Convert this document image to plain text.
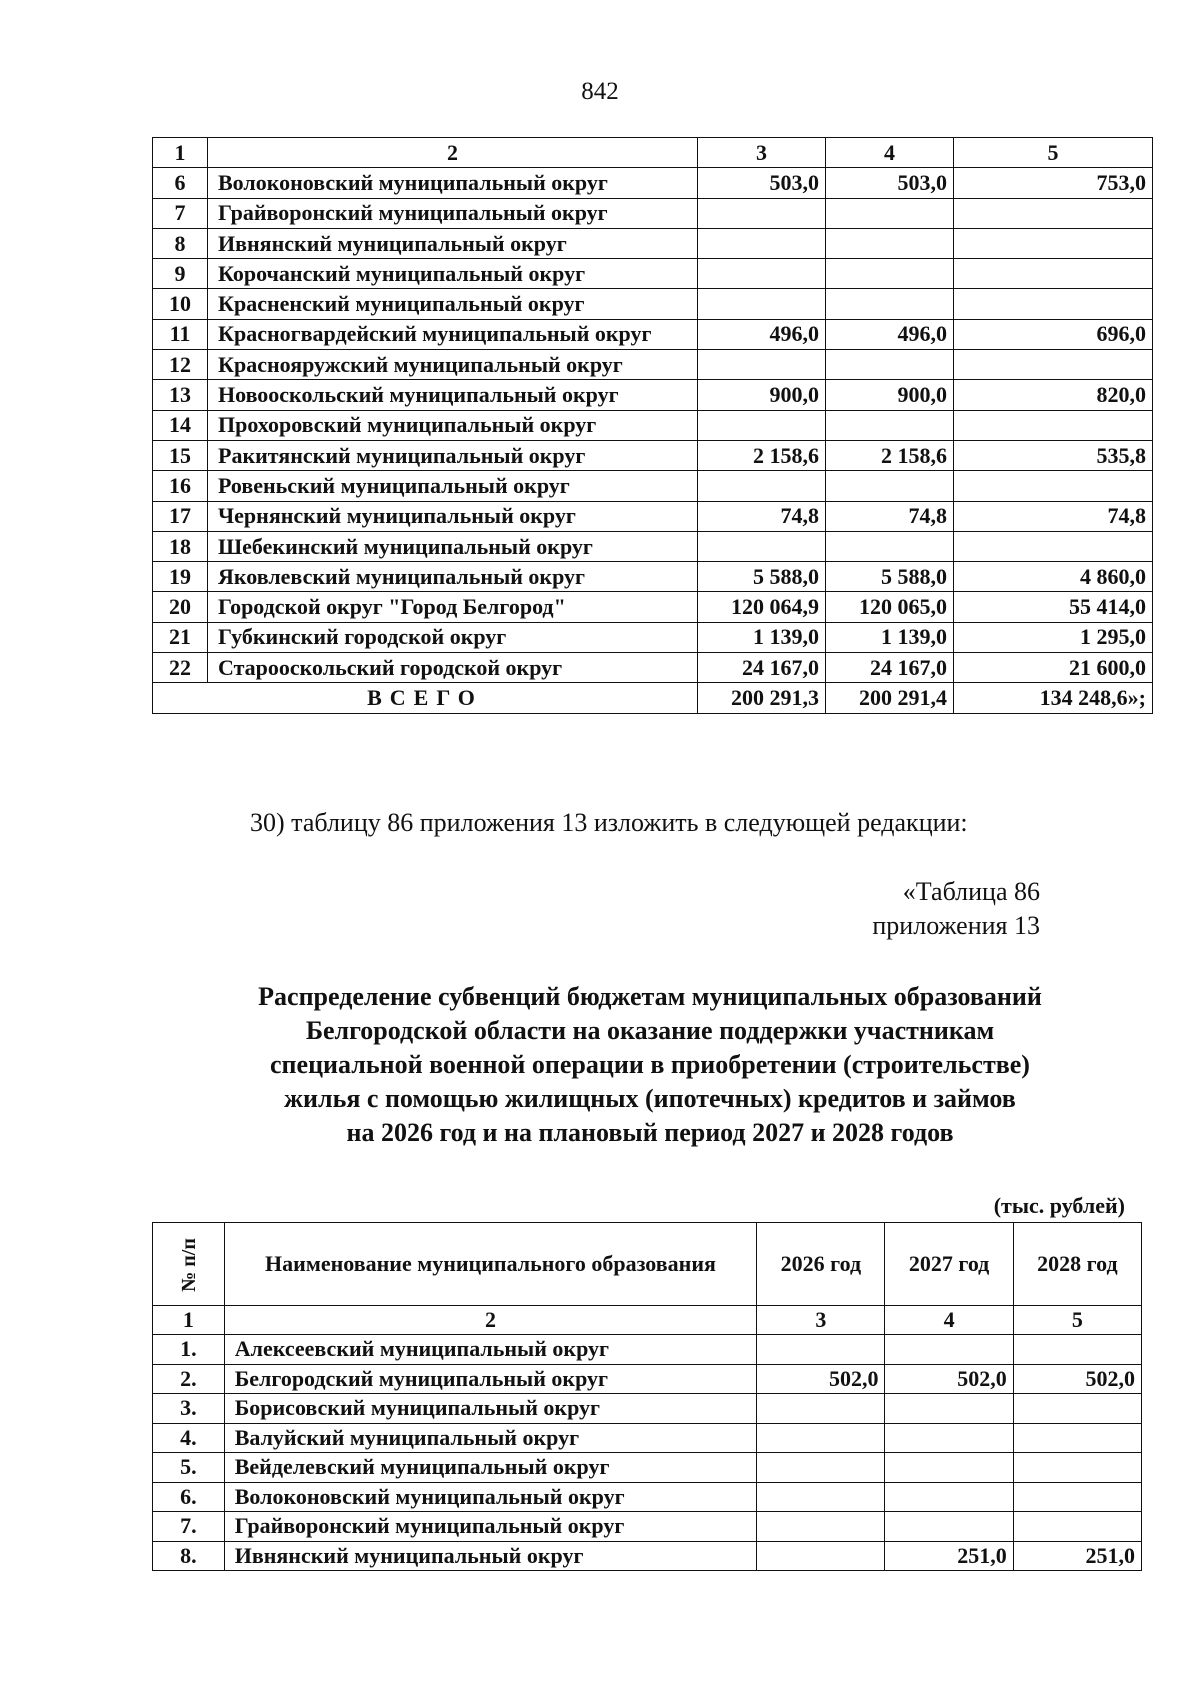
842
1	2	3	4	5
6	Волоконовский муниципальный округ	503,0	503,0	753,0
7	Грайворонский муниципальный округ			
8	Ивнянский муниципальный округ			
9	Корочанский муниципальный округ			
10	Красненский муниципальный округ			
11	Красногвардейский муниципальный округ	496,0	496,0	696,0
12	Краснояружский муниципальный округ			
13	Новооскольский муниципальный округ	900,0	900,0	820,0
14	Прохоровский муниципальный округ			
15	Ракитянский муниципальный округ	2 158,6	2 158,6	535,8
16	Ровеньский муниципальный округ			
17	Чернянский муниципальный округ	74,8	74,8	74,8
18	Шебекинский муниципальный округ			
19	Яковлевский муниципальный округ	5 588,0	5 588,0	4 860,0
20	Городской округ "Город Белгород"	120 064,9	120 065,0	55 414,0
21	Губкинский городской округ	1 139,0	1 139,0	1 295,0
22	Старооскольский городской округ	24 167,0	24 167,0	21 600,0
ВСЕГО		200 291,3	200 291,4	134 248,6»;
30) таблицу 86 приложения 13 изложить в следующей редакции:
«Таблица 86
приложения 13
Распределение субвенций бюджетам муниципальных образований
Белгородской области на оказание поддержки участникам
специальной военной операции в приобретении (строительстве)
жилья с помощью жилищных (ипотечных) кредитов и займов
на 2026 год и на плановый период 2027 и 2028 годов
(тыс. рублей)
№ п/п	Наименование муниципального образования	2026 год	2027 год	2028 год
1	2	3	4	5
1.	Алексеевский муниципальный округ			
2.	Белгородский муниципальный округ	502,0	502,0	502,0
3.	Борисовский муниципальный округ			
4.	Валуйский муниципальный округ			
5.	Вейделевский муниципальный округ			
6.	Волоконовский муниципальный округ			
7.	Грайворонский муниципальный округ			
8.	Ивнянский муниципальный округ		251,0	251,0
